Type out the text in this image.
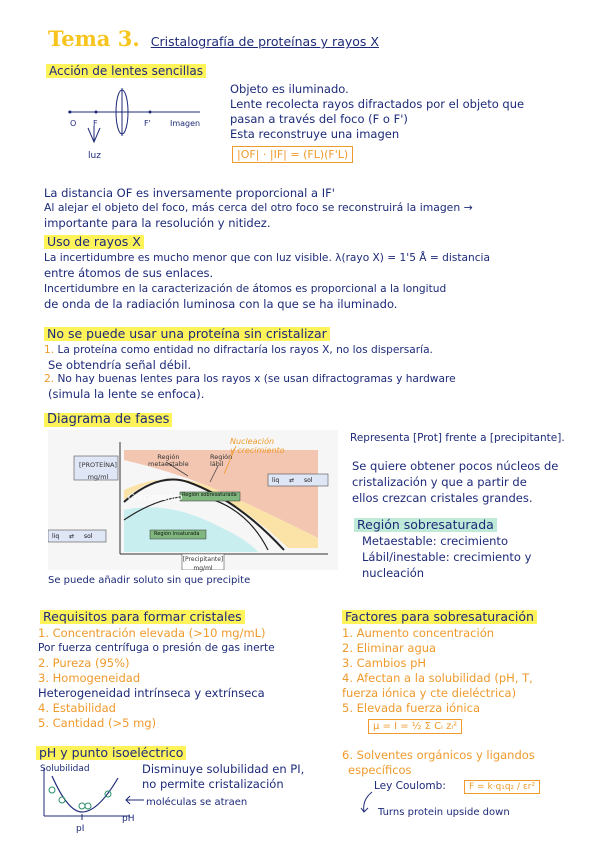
Tema 3. Cristalografía de proteínas y rayos X
Acción de lentes sencillas
O F	F' Imagen
luz
Objeto es iluminado.
Lente recolecta rayos difractados por el objeto que
pasan a través del foco (F o F')
Esta reconstruye una imagen
|OF| · |IF| = (FL)(F'L)
La distancia OF es inversamente proporcional a IF'
Al alejar el objeto del foco, más cerca del otro foco se reconstruirá la imagen →
importante para la resolución y nitidez.
Uso de rayos X
La incertidumbre es mucho menor que con luz visible. λ(rayo X) = 1'5 Å = distancia
entre átomos de sus enlaces.
Incertidumbre en la caracterización de átomos es proporcional a la longitud
de onda de la radiación luminosa con la que se ha iluminado.
No se puede usar una proteína sin cristalizar
1. La proteína como entidad no difractaría los rayos X, no los dispersaría.
Se obtendría señal débil.
2. No hay buenas lentes para los rayos x (se usan difractogramas y hardware
(simula la lente se enfoca).
Diagrama de fases
Nucleación
y crecimiento
Región
metaestable
Región
lábil
[PROTEÍNA]
mg/ml
Crecimiento Región sobresaturada
Región insaturada
liq ⇄ sol
liq ⇄ sol
[Precipitante]
mg/ml
Se puede añadir soluto sin que precipite
Representa [Prot] frente a [precipitante].
Se quiere obtener pocos núcleos de
cristalización y que a partir de
ellos crezcan cristales grandes.
Región sobresaturada
Metaestable: crecimiento
Lábil/inestable: crecimiento y
nucleación
Requisitos para formar cristales
1. Concentración elevada (>10 mg/mL)
Por fuerza centrífuga o presión de gas inerte
2. Pureza (95%)
3. Homogeneidad
Heterogeneidad intrínseca y extrínseca
4. Estabilidad
5. Cantidad (>5 mg)
Factores para sobresaturación
1. Aumento concentración
2. Eliminar agua
3. Cambios pH
4. Afectan a la solubilidad (pH, T,
fuerza iónica y cte dieléctrica)
5. Elevada fuerza iónica
μ = I = ½ Σ Cᵢ zᵢ²
6. Solventes orgánicos y ligandos
específicos
Ley Coulomb:	F = k·q₁q₂ / εr²
Turns protein upside down
pH y punto isoeléctrico
Solubilidad
pH
pI
Disminuye solubilidad en PI,
no permite cristalización
moléculas se atraen
